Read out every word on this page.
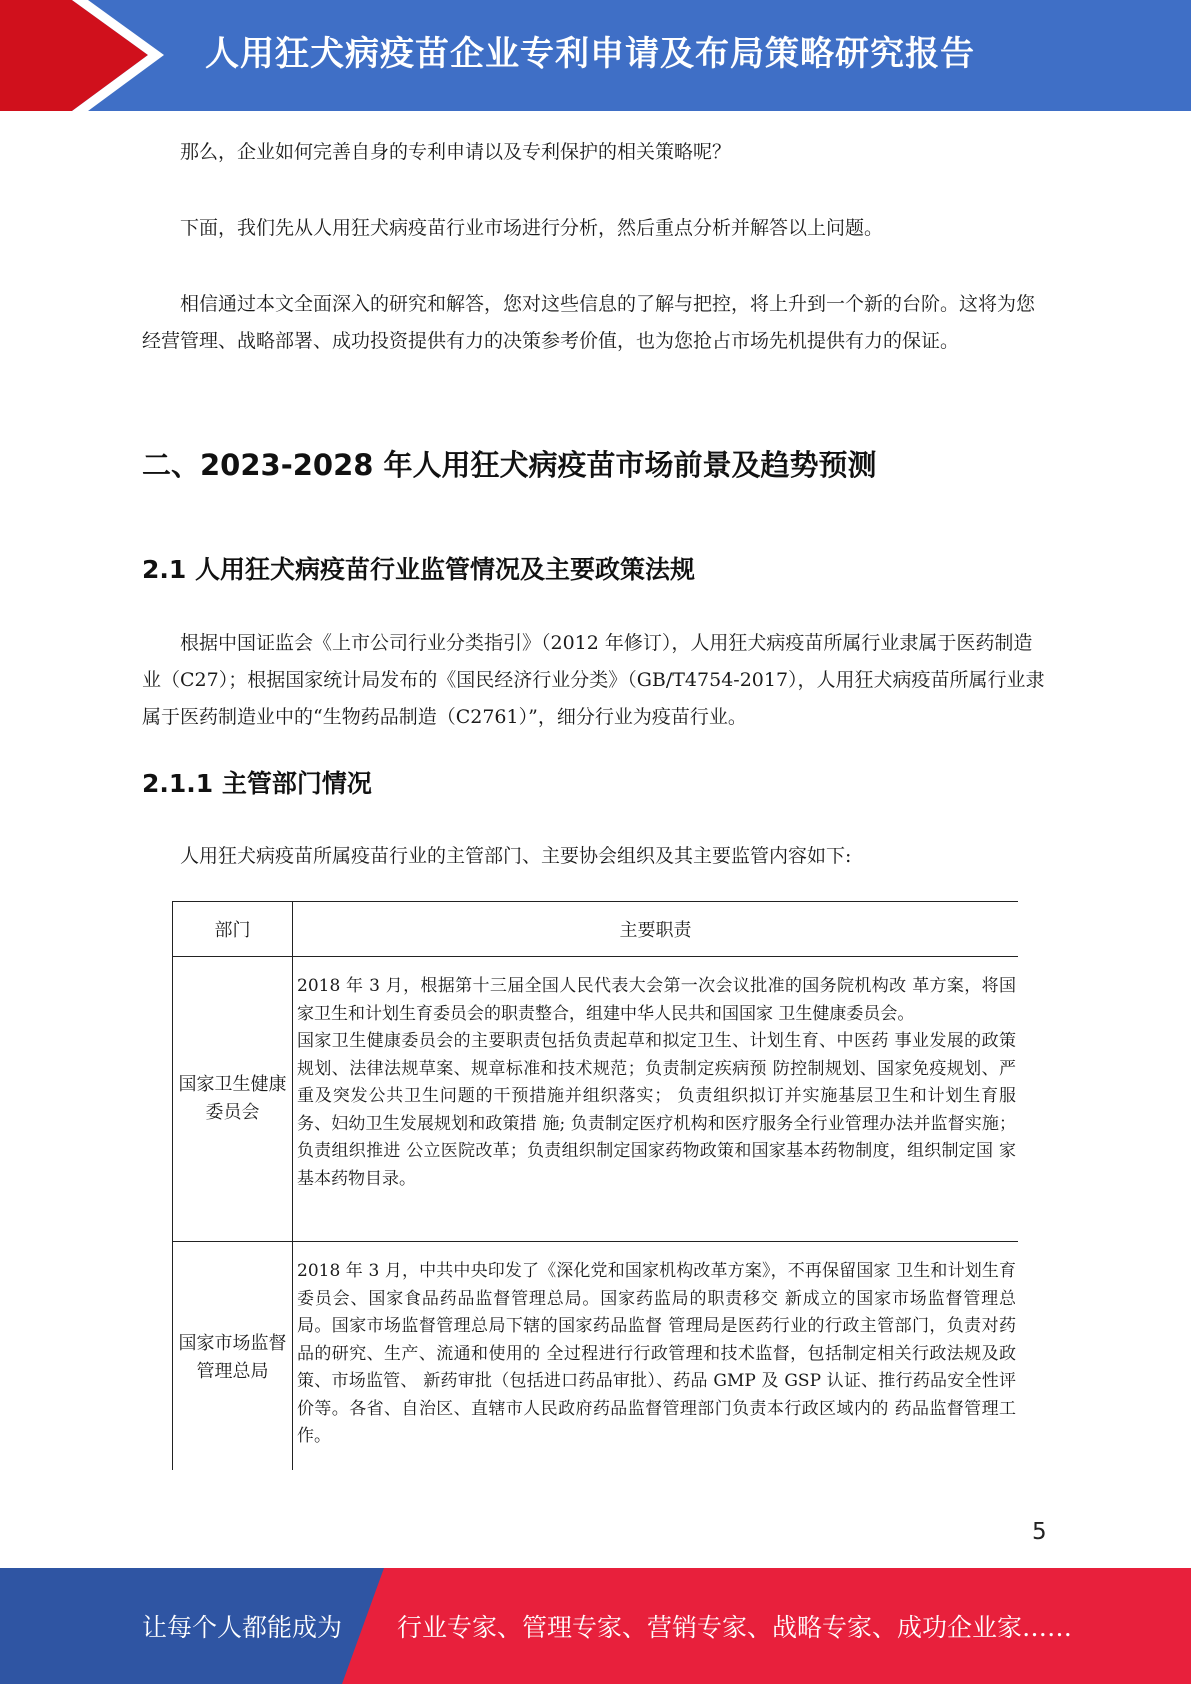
人用狂犬病疫苗企业专利申请及布局策略研究报告

那么，企业如何完善自身的专利申请以及专利保护的相关策略呢？

下面，我们先从人用狂犬病疫苗行业市场进行分析，然后重点分析并解答以上问题。

相信通过本文全面深入的研究和解答，您对这些信息的了解与把控，将上升到一个新的台阶。这将为您经营管理、战略部署、成功投资提供有力的决策参考价值，也为您抢占市场先机提供有力的保证。

二、2023-2028 年人用狂犬病疫苗市场前景及趋势预测
2.1 人用狂犬病疫苗行业监管情况及主要政策法规

根据中国证监会《上市公司行业分类指引》（2012 年修订），人用狂犬病疫苗所属行业隶属于医药制造业（C27）；根据国家统计局发布的《国民经济行业分类》（GB/T4754-2017），人用狂犬病疫苗所属行业隶属于医药制造业中的“生物药品制造（C2761）”，细分行业为疫苗行业。

2.1.1 主管部门情况

人用狂犬病疫苗所属疫苗行业的主管部门、主要协会组织及其主要监管内容如下:

部门	主要职责
国家卫生健康委员会	2018 年 3 月，根据第十三届全国人民代表大会第一次会议批准的国务院机构改 革方案，将国家卫生和计划生育委员会的职责整合，组建中华人民共和国国家 卫生健康委员会。

国家卫生健康委员会的主要职责包括负责起草和拟定卫生、计划生育、中医药 事业发展的政策规划、法律法规草案、规章标准和技术规范；负责制定疾病预 防控制规划、国家免疫规划、严重及突发公共卫生问题的干预措施并组织落实； 负责组织拟订并实施基层卫生和计划生育服务、妇幼卫生发展规划和政策措 施; 负责制定医疗机构和医疗服务全行业管理办法并监督实施；负责组织推进 公立医院改革；负责组织制定国家药物政策和国家基本药物制度，组织制定国 家基本药物目录。

国家市场监督管理总局	2018 年 3 月，中共中央印发了《深化党和国家机构改革方案》，不再保留国家 卫生和计划生育委员会、国家食品药品监督管理总局。国家药监局的职责移交 新成立的国家市场监督管理总局。国家市场监督管理总局下辖的国家药品监督 管理局是医药行业的行政主管部门，负责对药品的研究、生产、流通和使用的 全过程进行行政管理和技术监督，包括制定相关行政法规及政策、市场监管、 新药审批（包括进口药品审批）、药品 GMP 及 GSP 认证、推行药品安全性评 价等。各省、自治区、直辖市人民政府药品监督管理部门负责本行政区域内的 药品监督管理工作。

5

让每个人都能成为 行业专家、管理专家、营销专家、战略专家、成功企业家……
